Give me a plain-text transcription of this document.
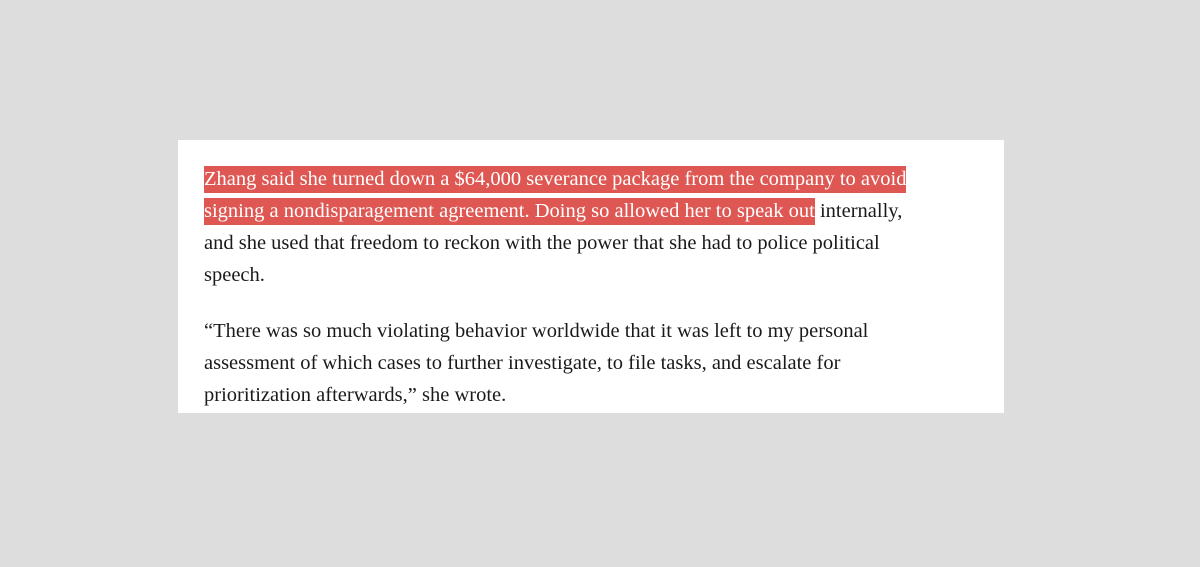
Zhang said she turned down a $64,000 severance package from the company to avoid
signing a nondisparagement agreement. Doing so allowed her to speak out internally,
and she used that freedom to reckon with the power that she had to police political
speech.

“There was so much violating behavior worldwide that it was left to my personal
assessment of which cases to further investigate, to file tasks, and escalate for
prioritization afterwards,” she wrote.
